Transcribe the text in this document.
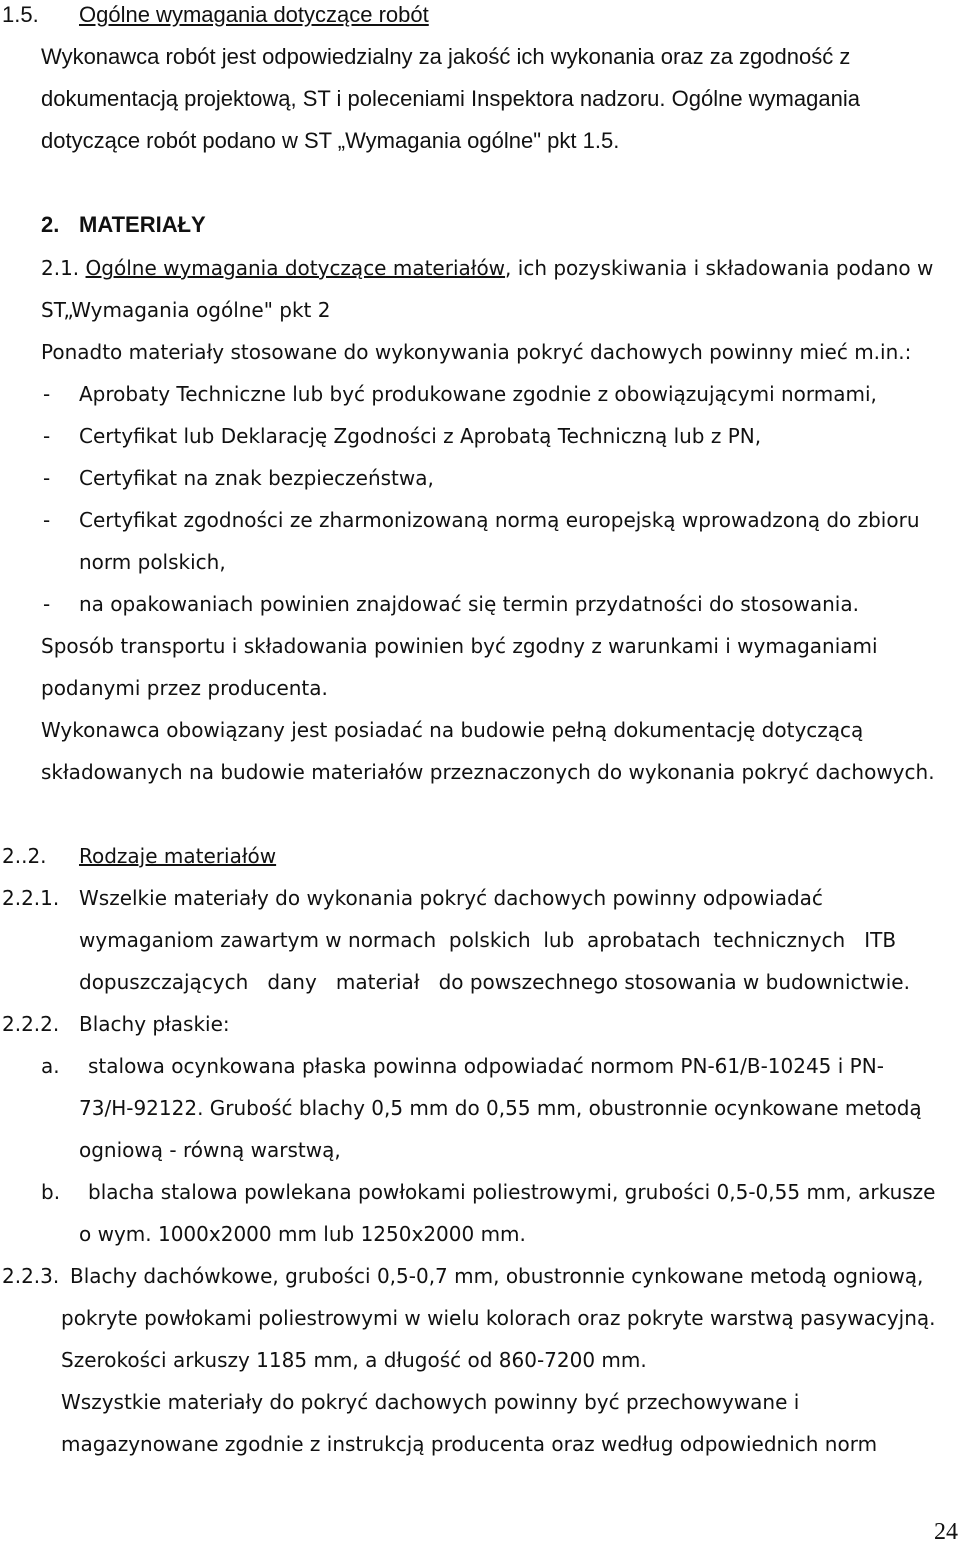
1.5. Ogólne wymagania dotyczące robót
Wykonawca robót jest odpowiedzialny za jakość ich wykonania oraz za zgodność z
dokumentacją projektową, ST i poleceniami Inspektora nadzoru. Ogólne wymagania
dotyczące robót podano w ST „Wymagania ogólne" pkt 1.5.
2. MATERIAŁY
2.1. Ogólne wymagania dotyczące materiałów, ich pozyskiwania i składowania podano w
ST„Wymagania ogólne" pkt 2
Ponadto materiały stosowane do wykonywania pokryć dachowych powinny mieć m.in.:
- Aprobaty Techniczne lub być produkowane zgodnie z obowiązującymi normami,
- Certyfikat lub Deklarację Zgodności z Aprobatą Techniczną lub z PN,
- Certyfikat na znak bezpieczeństwa,
- Certyfikat zgodności ze zharmonizowaną normą europejską wprowadzoną do zbioru
norm polskich,
- na opakowaniach powinien znajdować się termin przydatności do stosowania.
Sposób transportu i składowania powinien być zgodny z warunkami i wymaganiami
podanymi przez producenta.
Wykonawca obowiązany jest posiadać na budowie pełną dokumentację dotyczącą
składowanych na budowie materiałów przeznaczonych do wykonania pokryć dachowych.
2..2. Rodzaje materiałów
2.2.1. Wszelkie materiały do wykonania pokryć dachowych powinny odpowiadać
wymaganiom zawartym w normach  polskich  lub  aprobatach  technicznych   ITB
dopuszczających   dany   materiał   do powszechnego stosowania w budownictwie.
2.2.2. Blachy płaskie:
a. stalowa ocynkowana płaska powinna odpowiadać normom PN-61/B-10245 i PN-
73/H-92122. Grubość blachy 0,5 mm do 0,55 mm, obustronnie ocynkowane metodą
ogniową - równą warstwą,
b. blacha stalowa powlekana powłokami poliestrowymi, grubości 0,5-0,55 mm, arkusze
o wym. 1000x2000 mm lub 1250x2000 mm.
2.2.3. Blachy dachówkowe, grubości 0,5-0,7 mm, obustronnie cynkowane metodą ogniową,
pokryte powłokami poliestrowymi w wielu kolorach oraz pokryte warstwą pasywacyjną.
Szerokości arkuszy 1185 mm, a długość od 860-7200 mm.
Wszystkie materiały do pokryć dachowych powinny być przechowywane i
magazynowane zgodnie z instrukcją producenta oraz według odpowiednich norm
24
